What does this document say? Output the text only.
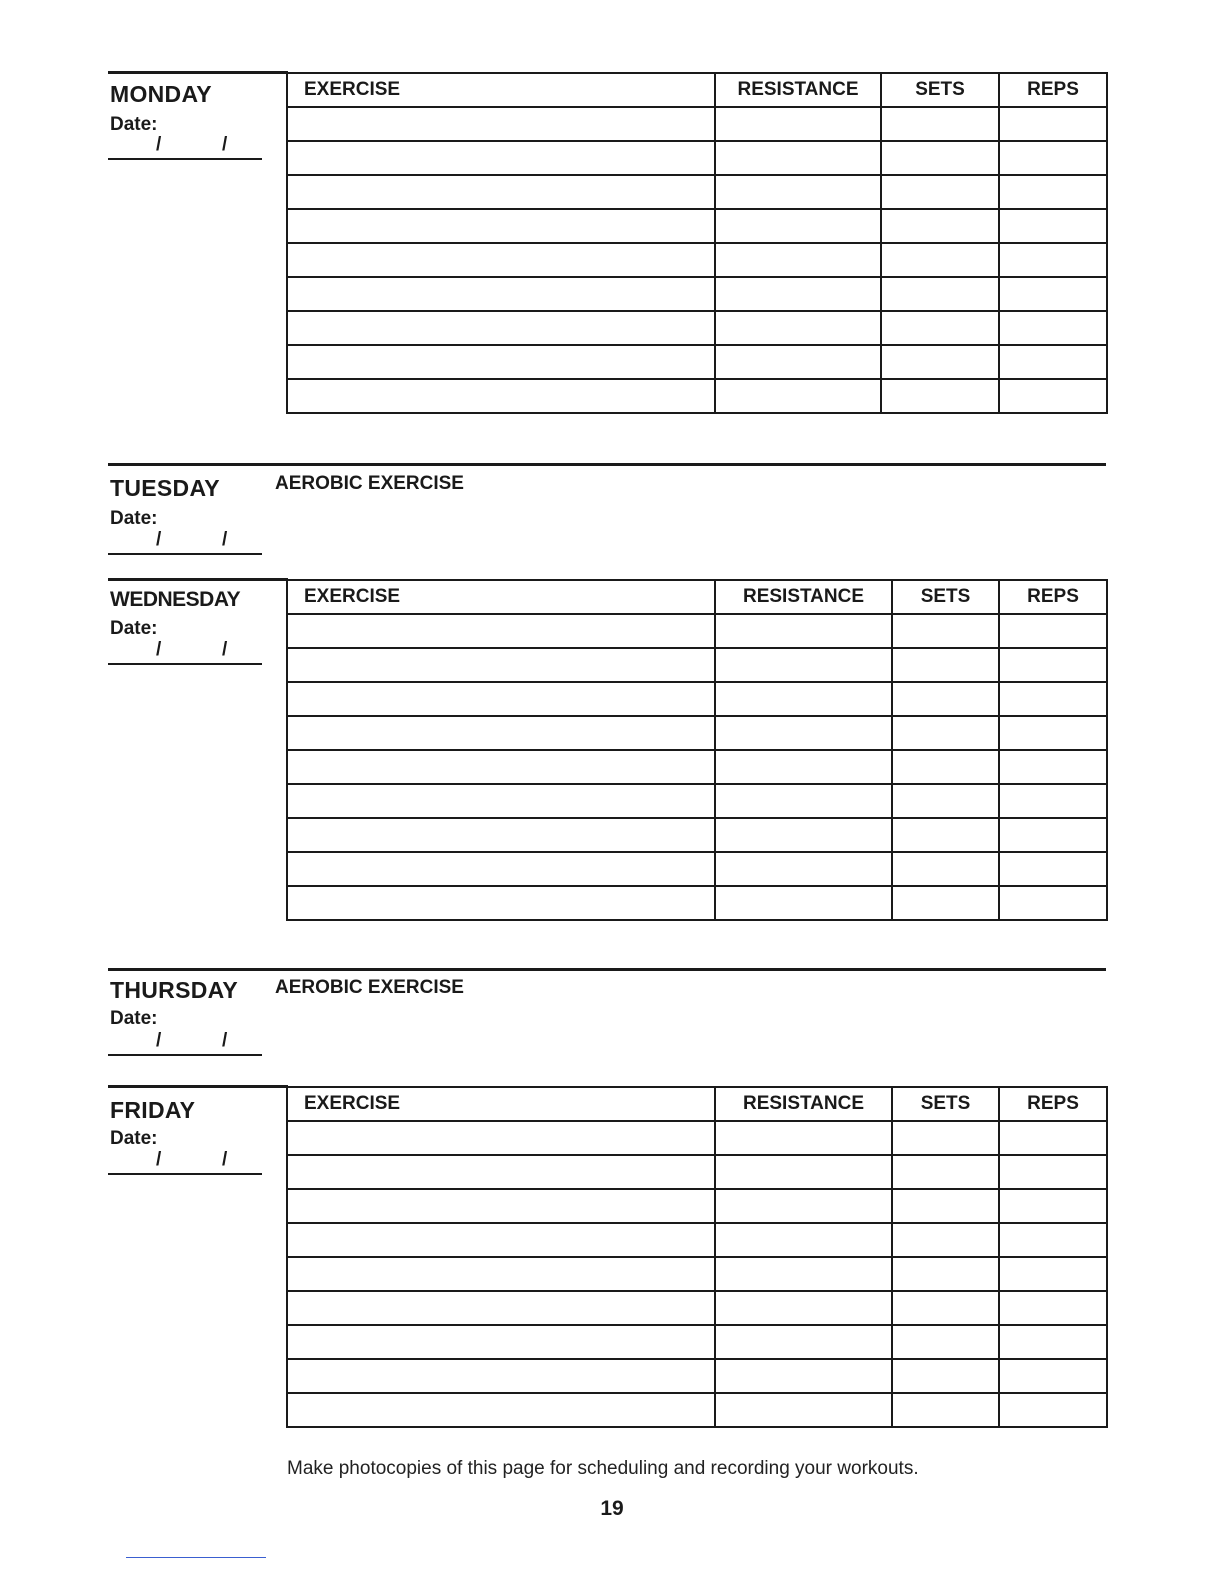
MONDAY
Date:
/	/
EXERCISE	RESISTANCE	SETS	REPS

TUESDAY	AEROBIC EXERCISE
Date:
/	/
WEDNESDAY
Date:
/	/
EXERCISE	RESISTANCE	SETS	REPS

THURSDAY AEROBIC EXERCISE
Date:
/	/
FRIDAY
Date:
/	/
EXERCISE	RESISTANCE	SETS	REPS

Make photocopies of this page for scheduling and recording your workouts.
19
